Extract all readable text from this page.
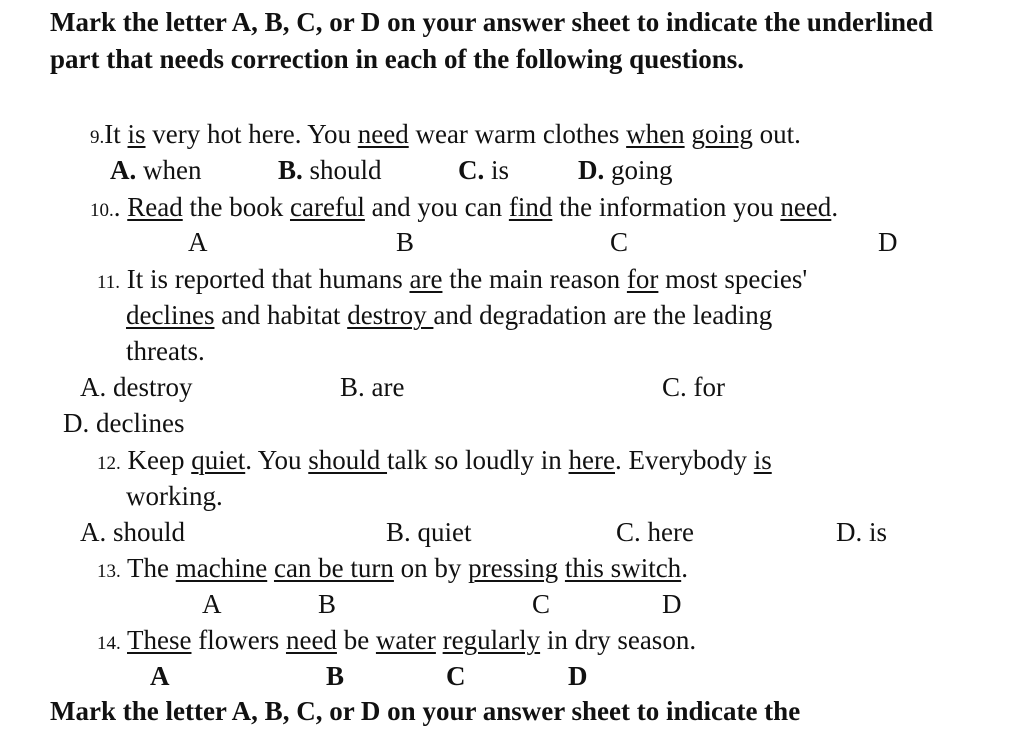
Mark the letter A, B, C, or D on your answer sheet to indicate the underlined part that needs correction in each of the following questions.
9.It is very hot here. You need wear warm clothes when going out.
A. when	B. should	C. is	D. going
10.. Read the book careful and you can find the information you need.
A	B	C	D
11. It is reported that humans are the main reason for most species'
declines and habitat destroy and degradation are the leading
threats.
A. destroy	B. are	C. for
D. declines
12. Keep quiet. You should talk so loudly in here. Everybody is
working.
A. should	B. quiet	C. here	D. is
13. The machine can be turn on by pressing this switch.
A	B	C	D
14. These flowers need be water regularly in dry season.
A	B	C	D
Mark the letter A, B, C, or D on your answer sheet to indicate the
